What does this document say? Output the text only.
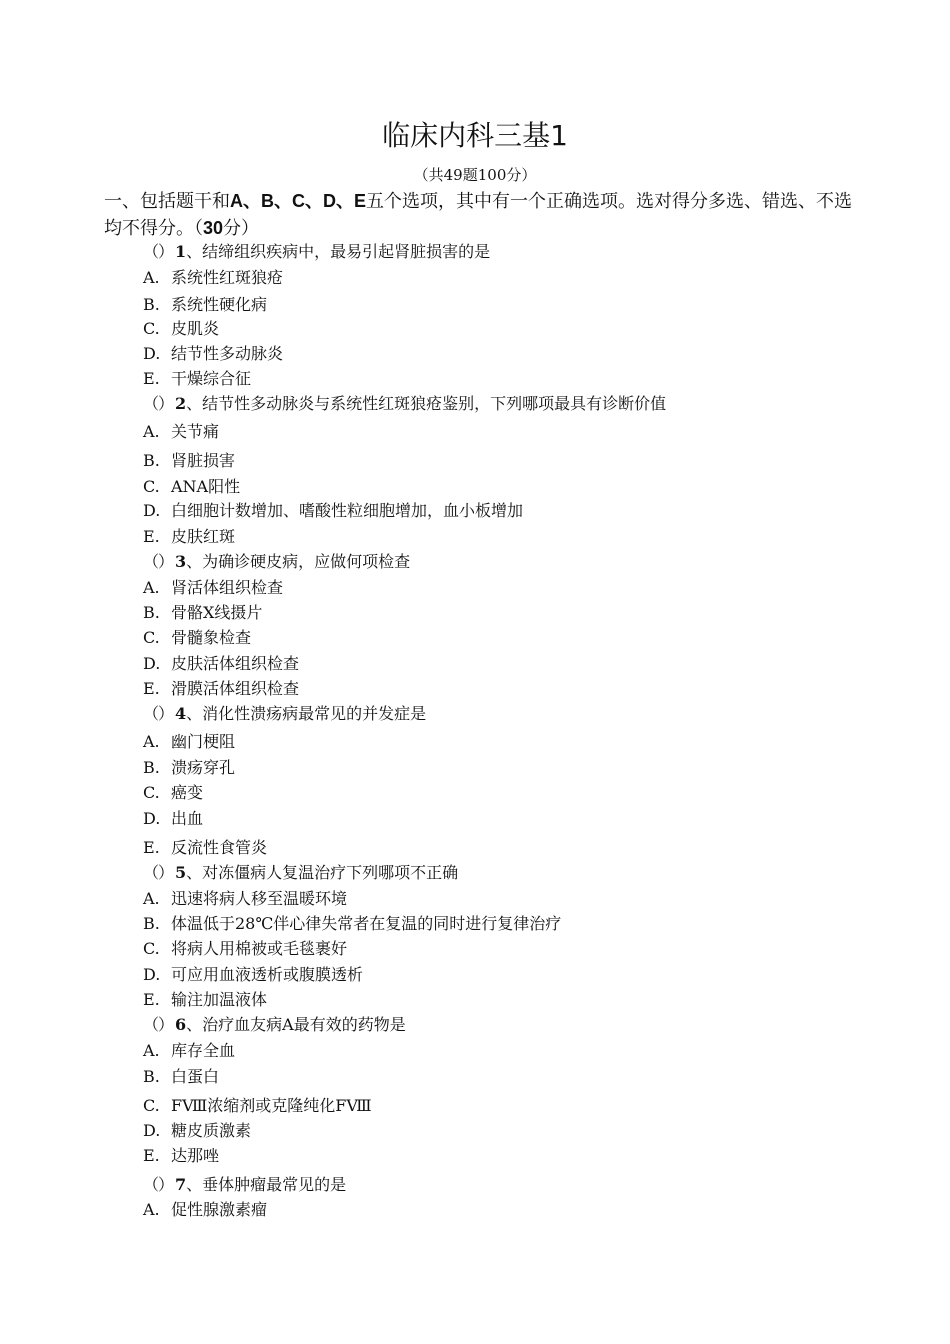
临床内科三基1
（共49题100分）
一、包括题干和A、B、C、D、E五个选项，其中有一个正确选项。选对得分多选、错选、不选均不得分。（30分）
（） 1、结缔组织疾病中，最易引起肾脏损害的是
A. 系统性红斑狼疮
B. 系统性硬化病
C. 皮肌炎
D. 结节性多动脉炎
E. 干燥综合征
（） 2、结节性多动脉炎与系统性红斑狼疮鉴别，下列哪项最具有诊断价值
A. 关节痛
B. 肾脏损害
C. ANA阳性
D. 白细胞计数增加、嗜酸性粒细胞增加，血小板增加
E. 皮肤红斑
（） 3、为确诊硬皮病，应做何项检查
A. 肾活体组织检查
B. 骨骼X线摄片
C. 骨髓象检查
D. 皮肤活体组织检查
E. 滑膜活体组织检查
（） 4、消化性溃疡病最常见的并发症是
A. 幽门梗阻
B. 溃疡穿孔
C. 癌变
D. 出血
E. 反流性食管炎
（） 5、对冻僵病人复温治疗下列哪项不正确
A. 迅速将病人移至温暖环境
B. 体温低于28℃伴心律失常者在复温的同时进行复律治疗
C. 将病人用棉被或毛毯裹好
D. 可应用血液透析或腹膜透析
E. 输注加温液体
（） 6、治疗血友病A最有效的药物是
A. 库存全血
B. 白蛋白
C. FⅧ浓缩剂或克隆纯化FⅧ
D. 糖皮质激素
E. 达那唑
（） 7、垂体肿瘤最常见的是
A. 促性腺激素瘤
